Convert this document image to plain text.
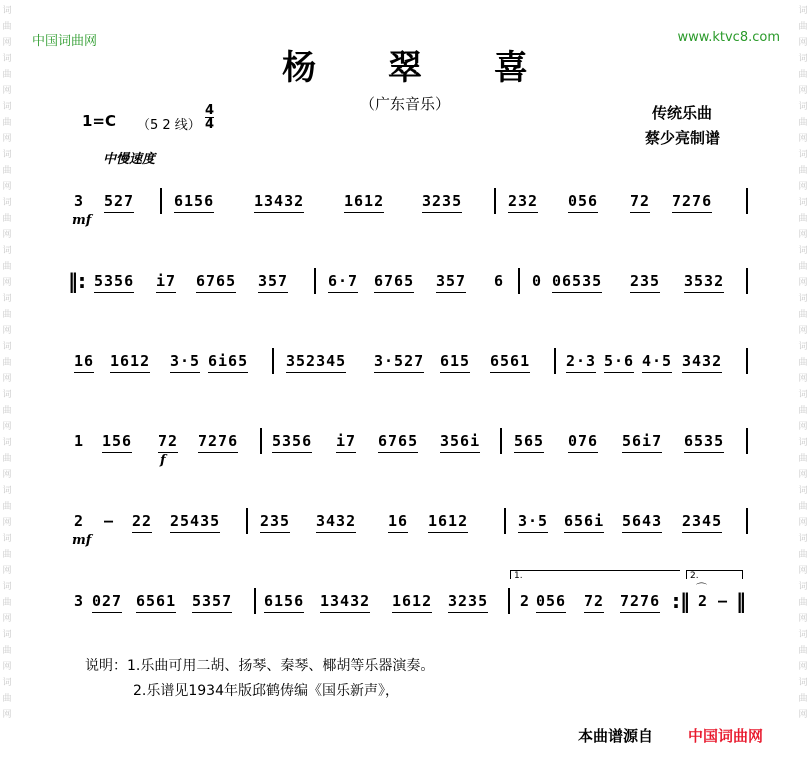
词
曲
网
词
曲
网
词
曲
网
词
曲
网
词
曲
网
词
曲
网
词
曲
网
词
曲
网
词
曲
网
词
曲
网
词
曲
网
词
曲
网
词
曲
网
词
曲
网
词
曲
网
词
曲
网
词
曲
网
词
曲
网
词
曲
网
词
曲
网
词
曲
网
词
曲
网
词
曲
网
词
曲
网
词
曲
网
词
曲
网
词
曲
网
词
曲
网
词
曲
网
词
曲
网
中国词曲网	www.ktvc8.com
杨 翠 喜
（广东音乐）	传统乐曲
蔡少亮制谱
1=C （5 2 线）
4
4
中慢速度
3 527	6156	13432	1612	3235	232 056 72 7276
mf
‖: 5356 i7 6765 357	6·7 6765 357 6 0 06535 235 3532
16 1612 3·5 6i65	352345 3·527 615 6561 2·3 5·6 4·5 3432
1 156 72 7276 5356 i7 6765 356i 565 076 56i7 6535
f
2 — 22 25435	235 3432 16 1612	3·5 656i 5643 2345
mf
3 027 6561 5357 6156 13432 1612 3235
1.
2 056 72 7276 :‖
2.
⌒
2 — ‖
说明：1.乐曲可用二胡、扬琴、秦琴、椰胡等乐器演奏。
2.乐谱见1934年版邱鹤俦编《国乐新声》，
本曲谱源自 中国词曲网
